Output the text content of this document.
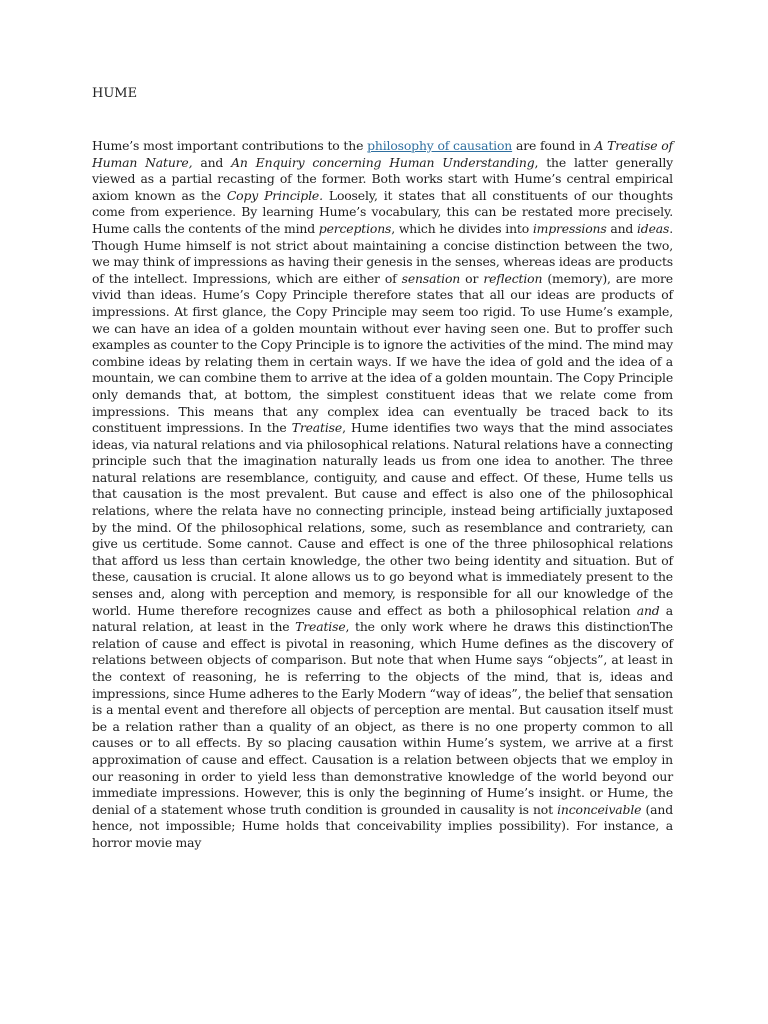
HUME

Hume’s most important contributions to the philosophy of causation are found in A Treatise of Human Nature, and An Enquiry concerning Human Understanding, the latter generally viewed as a partial recasting of the former. Both works start with Hume’s central empirical axiom known as the Copy Principle. Loosely, it states that all constituents of our thoughts come from experience. By learning Hume’s vocabulary, this can be restated more precisely. Hume calls the contents of the mind perceptions, which he divides into impressions and ideas. Though Hume himself is not strict about maintaining a concise distinction between the two, we may think of impressions as having their genesis in the senses, whereas ideas are products of the intellect. Impressions, which are either of sensation or reflection (memory), are more vivid than ideas. Hume’s Copy Principle therefore states that all our ideas are products of impressions. At first glance, the Copy Principle may seem too rigid. To use Hume’s example, we can have an idea of a golden mountain without ever having seen one. But to proffer such examples as counter to the Copy Principle is to ignore the activities of the mind. The mind may combine ideas by relating them in certain ways. If we have the idea of gold and the idea of a mountain, we can combine them to arrive at the idea of a golden mountain. The Copy Principle only demands that, at bottom, the simplest constituent ideas that we relate come from impressions. This means that any complex idea can eventually be traced back to its constituent impressions. In the Treatise, Hume identifies two ways that the mind associates ideas, via natural relations and via philosophical relations. Natural relations have a connecting principle such that the imagination naturally leads us from one idea to another. The three natural relations are resemblance, contiguity, and cause and effect. Of these, Hume tells us that causation is the most prevalent. But cause and effect is also one of the philosophical relations, where the relata have no connecting principle, instead being artificially juxtaposed by the mind. Of the philosophical relations, some, such as resemblance and contrariety, can give us certitude. Some cannot. Cause and effect is one of the three philosophical relations that afford us less than certain knowledge, the other two being identity and situation. But of these, causation is crucial. It alone allows us to go beyond what is immediately present to the senses and, along with perception and memory, is responsible for all our knowledge of the world. Hume therefore recognizes cause and effect as both a philosophical relation and a natural relation, at least in the Treatise, the only work where he draws this distinctionThe relation of cause and effect is pivotal in reasoning, which Hume defines as the discovery of relations between objects of comparison. But note that when Hume says “objects”, at least in the context of reasoning, he is referring to the objects of the mind, that is, ideas and impressions, since Hume adheres to the Early Modern “way of ideas”, the belief that sensation is a mental event and therefore all objects of perception are mental. But causation itself must be a relation rather than a quality of an object, as there is no one property common to all causes or to all effects. By so placing causation within Hume’s system, we arrive at a first approximation of cause and effect. Causation is a relation between objects that we employ in our reasoning in order to yield less than demonstrative knowledge of the world beyond our immediate impressions. However, this is only the beginning of Hume’s insight. or Hume, the denial of a statement whose truth condition is grounded in causality is not inconceivable (and hence, not impossible; Hume holds that conceivability implies possibility). For instance, a horror movie may
